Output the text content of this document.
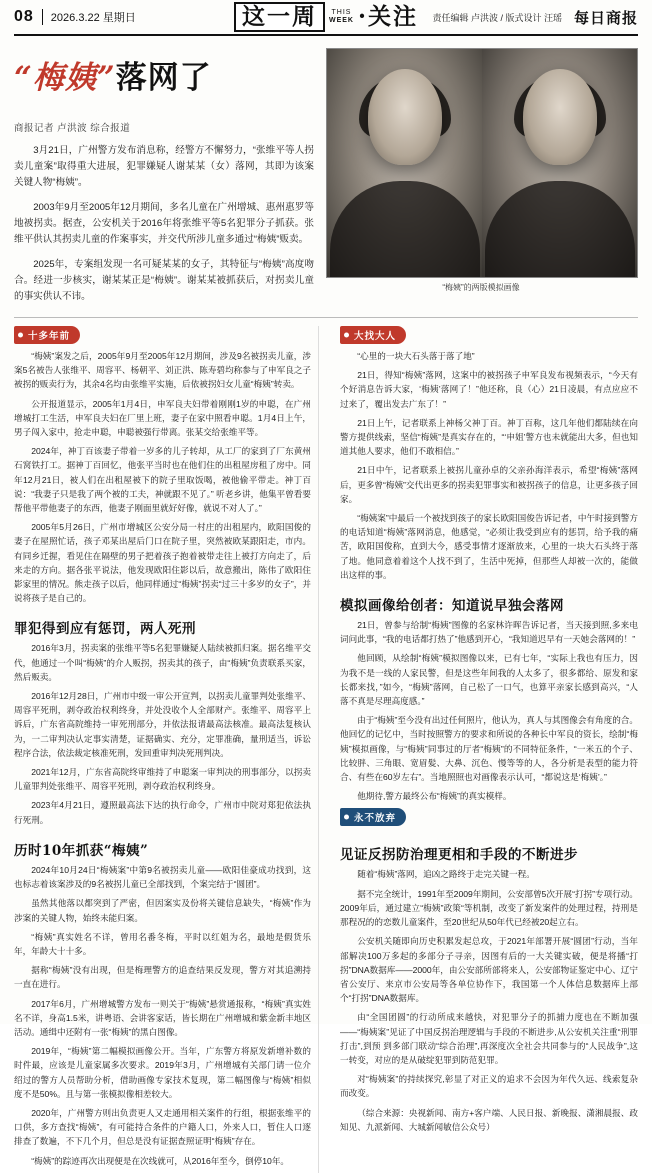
08	2026.3.22 星期日	这一周	THIS
WEEK ·关注 责任编辑 卢洪波 / 版式设计 汪瑶 每日商报
“梅姨”落网了
商报记者 卢洪波 综合报道

3月21日，广州警方发布消息称，经警方不懈努力，“张维平等人拐卖儿童案”取得重大进展，犯罪嫌疑人谢某某（女）落网，其即为该案关键人物“梅姨”。

2003年9月至2005年12月期间，多名儿童在广州增城、惠州惠罗等地被拐卖。据查，公安机关于2016年将张维平等5名犯罪分子抓获。张维平供认其拐卖儿童的作案事实，并交代所涉儿童多通过“梅姨”贩卖。

2025年，专案组发现一名可疑某某的女子，其特征与“梅姨”高度吻合。经进一步核实，谢某某正是“梅姨”。谢某某被抓获后，对拐卖儿童的事实供认不讳。

“梅姨”的两版模拟画像
十多年前

“梅姨”案发之后，2005年9月至2005年12月期间，涉及9名被拐卖儿童，涉案5名被告人张维平、周容平、杨朝平、刘正洪、陈寿碧均称参与了申军良之子被拐的贩卖行为，其余4名均由张维平实施，后依被拐妇女儿童“梅姨”转卖。

公开报道显示，2005年1月4日，申军良夫妇带着刚刚1岁的申聪，在广州增城打工生活，申军良夫妇在厂里上班，妻子在家中照看申聪。1月4日上午，男子闯入家中，抢走申聪，申聪被强行带离。张某交给张维平等。

2024年，神丁百该妻子带着一岁多的儿子转却，从工厂的家到了厂东黄州石窝铁打工。据神丁百回忆，他张平当时也在他们住的出租屋房租了房中。同年12月21日，被人们在出租屋被下的院子里取饭喝，被他偷平带走。神丁百说：“我妻子只是我了两个被的工夫，神就跟不见了。” 听老乡讲，他集平曾看要帮他平带他妻子的东西，他妻子刚面里就好好像，就说不对人了。”

2005年5月26日，广州市增城区公安分局一村庄的出租屋内，欧阳国俊的妻子在屋照忙话，孩子邓某出屋后门口在院子里，突然被欧某跟阳走，市内。有同乡迁握，看见住在隔壁的男子把着孩子抱着被带走往上被打方向走了，后来走的方向。据各张平说法，他发现欧阳住影以后，故意搬出，陈伟了欧阳住影家里的情况。熊走孩子以后，他同样通过“梅姨”拐卖“过三十多岁的女子”，并说将孩子是自己的。

罪犯得到应有惩罚，两人死刑

2016年3月，拐卖案的张维平等5名犯罪嫌疑人陆续被抓归案。据名维平交代，他通过一个叫“梅姨”的介人贩拐，拐卖其的孩子，由“梅姨”负责联系买家，然后贩卖。

2016年12月28日，广州市中级一审公开宣判，以拐卖儿童罪判处张维平、周容平死刑，剥夺政治权利终身，并处没收个人全部财产。张维平、周容平上诉后，广东省高院维持一审死刑部分，并依法报请最高法核准。最高法复核认为，一二审判决认定事实清楚，证据确实、充分，定罪准确，量刑适当，诉讼程序合法，依法裁定核准死刑，发回重审判决死刑判决。

2021年12月，广东省高院终审维持了申聪案一审判决的刑事部分，以拐卖儿童罪判处张维平、周容平死刑，剥夺政治权利终身。

2023年4月21日，遵照最高法下达的执行命令，广州市中院对郑犯依法执行死刑。

历时10年抓获“梅姨”

2024年10月24日“梅姨案”中第9名被拐卖儿童——欧阳佳豪成功找到，这也标志着该案涉及的9名被拐儿童已全部找到，个案完结于“圆团”。

虽然其他落以都突到了严密，但因案实及份将关键信息缺失，“梅姨”作为涉案的关键人物，始终未能归案。

“梅姨”真实姓名不详，曾用名番冬梅，平时以红姐为名，最地是假货乐年，年龄大十十多。

据称“梅姨”没有出现，但是梅理警方的追查结果反发现，警方对其追溯持一直在进行。

2017年6月，广州增城警方发布一则关于“梅姨”悬赏通报称，“梅姨”真实姓名不详，身高1.5米，讲粤语、会讲客家话，皆长期在广州增城和紫金新丰地区活动。通缉中还附有一张“梅姨”的黑白图像。

2019年，“梅姨”第二幅模拟画像公开。当年，广东警方将原发新增补数的时件最，应该是儿童家属多次要求。2019年3月，广州增城有关部门请一位介绍过的警方人员帮助分析，借助画像专家技术复现，第二幅图像与“梅姨”相似度不是50%。且与第一张模拟像相差较大。

2020年，广州警方则出负责更人又走通用相关案件的行组，根据张维平的口供，多方查找“梅姨”，有可能持合条件的户籍人口，外来人口，暂住人口逐排查了数遍，不下几个月，但总是没有证据查照证明“梅姨”存在。

“梅姨”的踪迹再次出现便是在次线就可，从2016年至今，倒停10年。

大找大人

“心里的一块大石头落于落了地”

21日，得知“梅姨”落网，这案中的被拐孩子申军良发布视频表示，“今天有个好消息告诉大家，‘梅姨’落网了！”他还称，良（心）21日凌晨，有点应应不过来了，覆出发去广东了！”

21日上午，记者联系上神杨父神丁百。神丁百称，这几年他们都陆续在向警方提供线索，坚信“梅姨”是真实存在的，“‘申姐’警方也未就能出大多，但也知道其他人要求，他们不敢相信。”

21日中午，记者联系上被拐儿童孙卓的父亲孙海洋表示，希望“梅姨”落网后，更多曾“梅姨”交代出更多的拐卖犯罪事实和被拐孩子的信息，让更多孩子回家。

“梅姨案”中最后一个被找到孩子的家长欧阳国俊告诉记者，中午时接到警方的电话知道“梅姨”落网消息，他感觉，“必须让我受到应有的惩罚，给予我的痛苦，欧阳国俊称，直到大今，感受事情才逐渐放来，心里的一块大石头终于落了地。他同意着着这个人找不到了，生活中死掉，但那些人却被一次的，能做出这样的事。

模拟画像给创者：知道说早独会落网

21日，曾参与给制“梅姨”图像的名家林许晖告诉记者，当天接到照,多来电词问此事，“我的电话都打热了”他感到开心，“我知道迟早有一天她会落网的！”

他回顾，从绘制“梅姨”模拟图像以来，已有七年，“实际上我也有压力，因为我不是一线的人家民警，但是这些年间我的人太多了，很多都给、原发和家长都来找，”如今，“梅姨”落网，自己松了一口气，也算平亲家长感到高兴，“人落不真是尽理高度感。”

由于“梅姨”至今没有出过任何照片，他认为，真人与其图像会有角度的合。他回忆的记忆中，当时按照警方的要求和所说的各种长中军良的资长，绘制“梅姨”模拟画像，与“梅姨”同事过的厅者“梅姨”的不同特征条件，“一米五的个子、比较胖、三角眼、宽眉髪、大鼻、沉色、慢等等的人，各分析是表型的能力符合、有些在60岁左右”。当地照照也对画像表示认可，“都说这是‘梅姨’。”

他期待,警方最终公布“梅姨”的真实模样。

永不放弃
见证反拐防治理更相和手段的不断进步

随着“梅姨”落网，追凶之路终于走完关键一程。

据不完全统计，1991年至2009年期间，公安部曾5次开展“打拐”专项行动。2009年后，通过建立“梅姨”政策“等机制，改变了新发案件的处理过程，持刑是那程况的的恋数儿童案件，至20世纪从50年代已经被20起立右。

公安机关随即向历史积累发起总攻，于2021年部署开展“圆团”行动，当年部解决100万多起的多部分子寻亲，因图有后的一大关键实破，便是将播“打拐”DNA数据库——2000年，由公安部所部将来人，公安部物证鉴定中心、辽宁省公安厅、来京市公安局等各单位协作下，我国第一个人体信息数据库上部个“打拐”DNA数据库。

由“全国团圆”的行动所成来越快，对犯罪分子的抓捕力度也在不断加强——“梅姨案”见证了中国反拐治理逻辑与手段的不断进步,从公安机关注重“刑罪打击”,到预 到多部门联动“综合治理”,再深度次全社会共同参与的“人民战争”,这一转变，对应的是从破绽犯罪到防范犯罪。

对“梅姨案”的持续探究,彰显了对正义的追求不会因为年代久远、线索复杂而改变。

（综合来源：央视新闻、南方+客户端、人民日报、新晚报、潇湘晨报、政知见、九派新闻、大城新闻敏信公众号）
